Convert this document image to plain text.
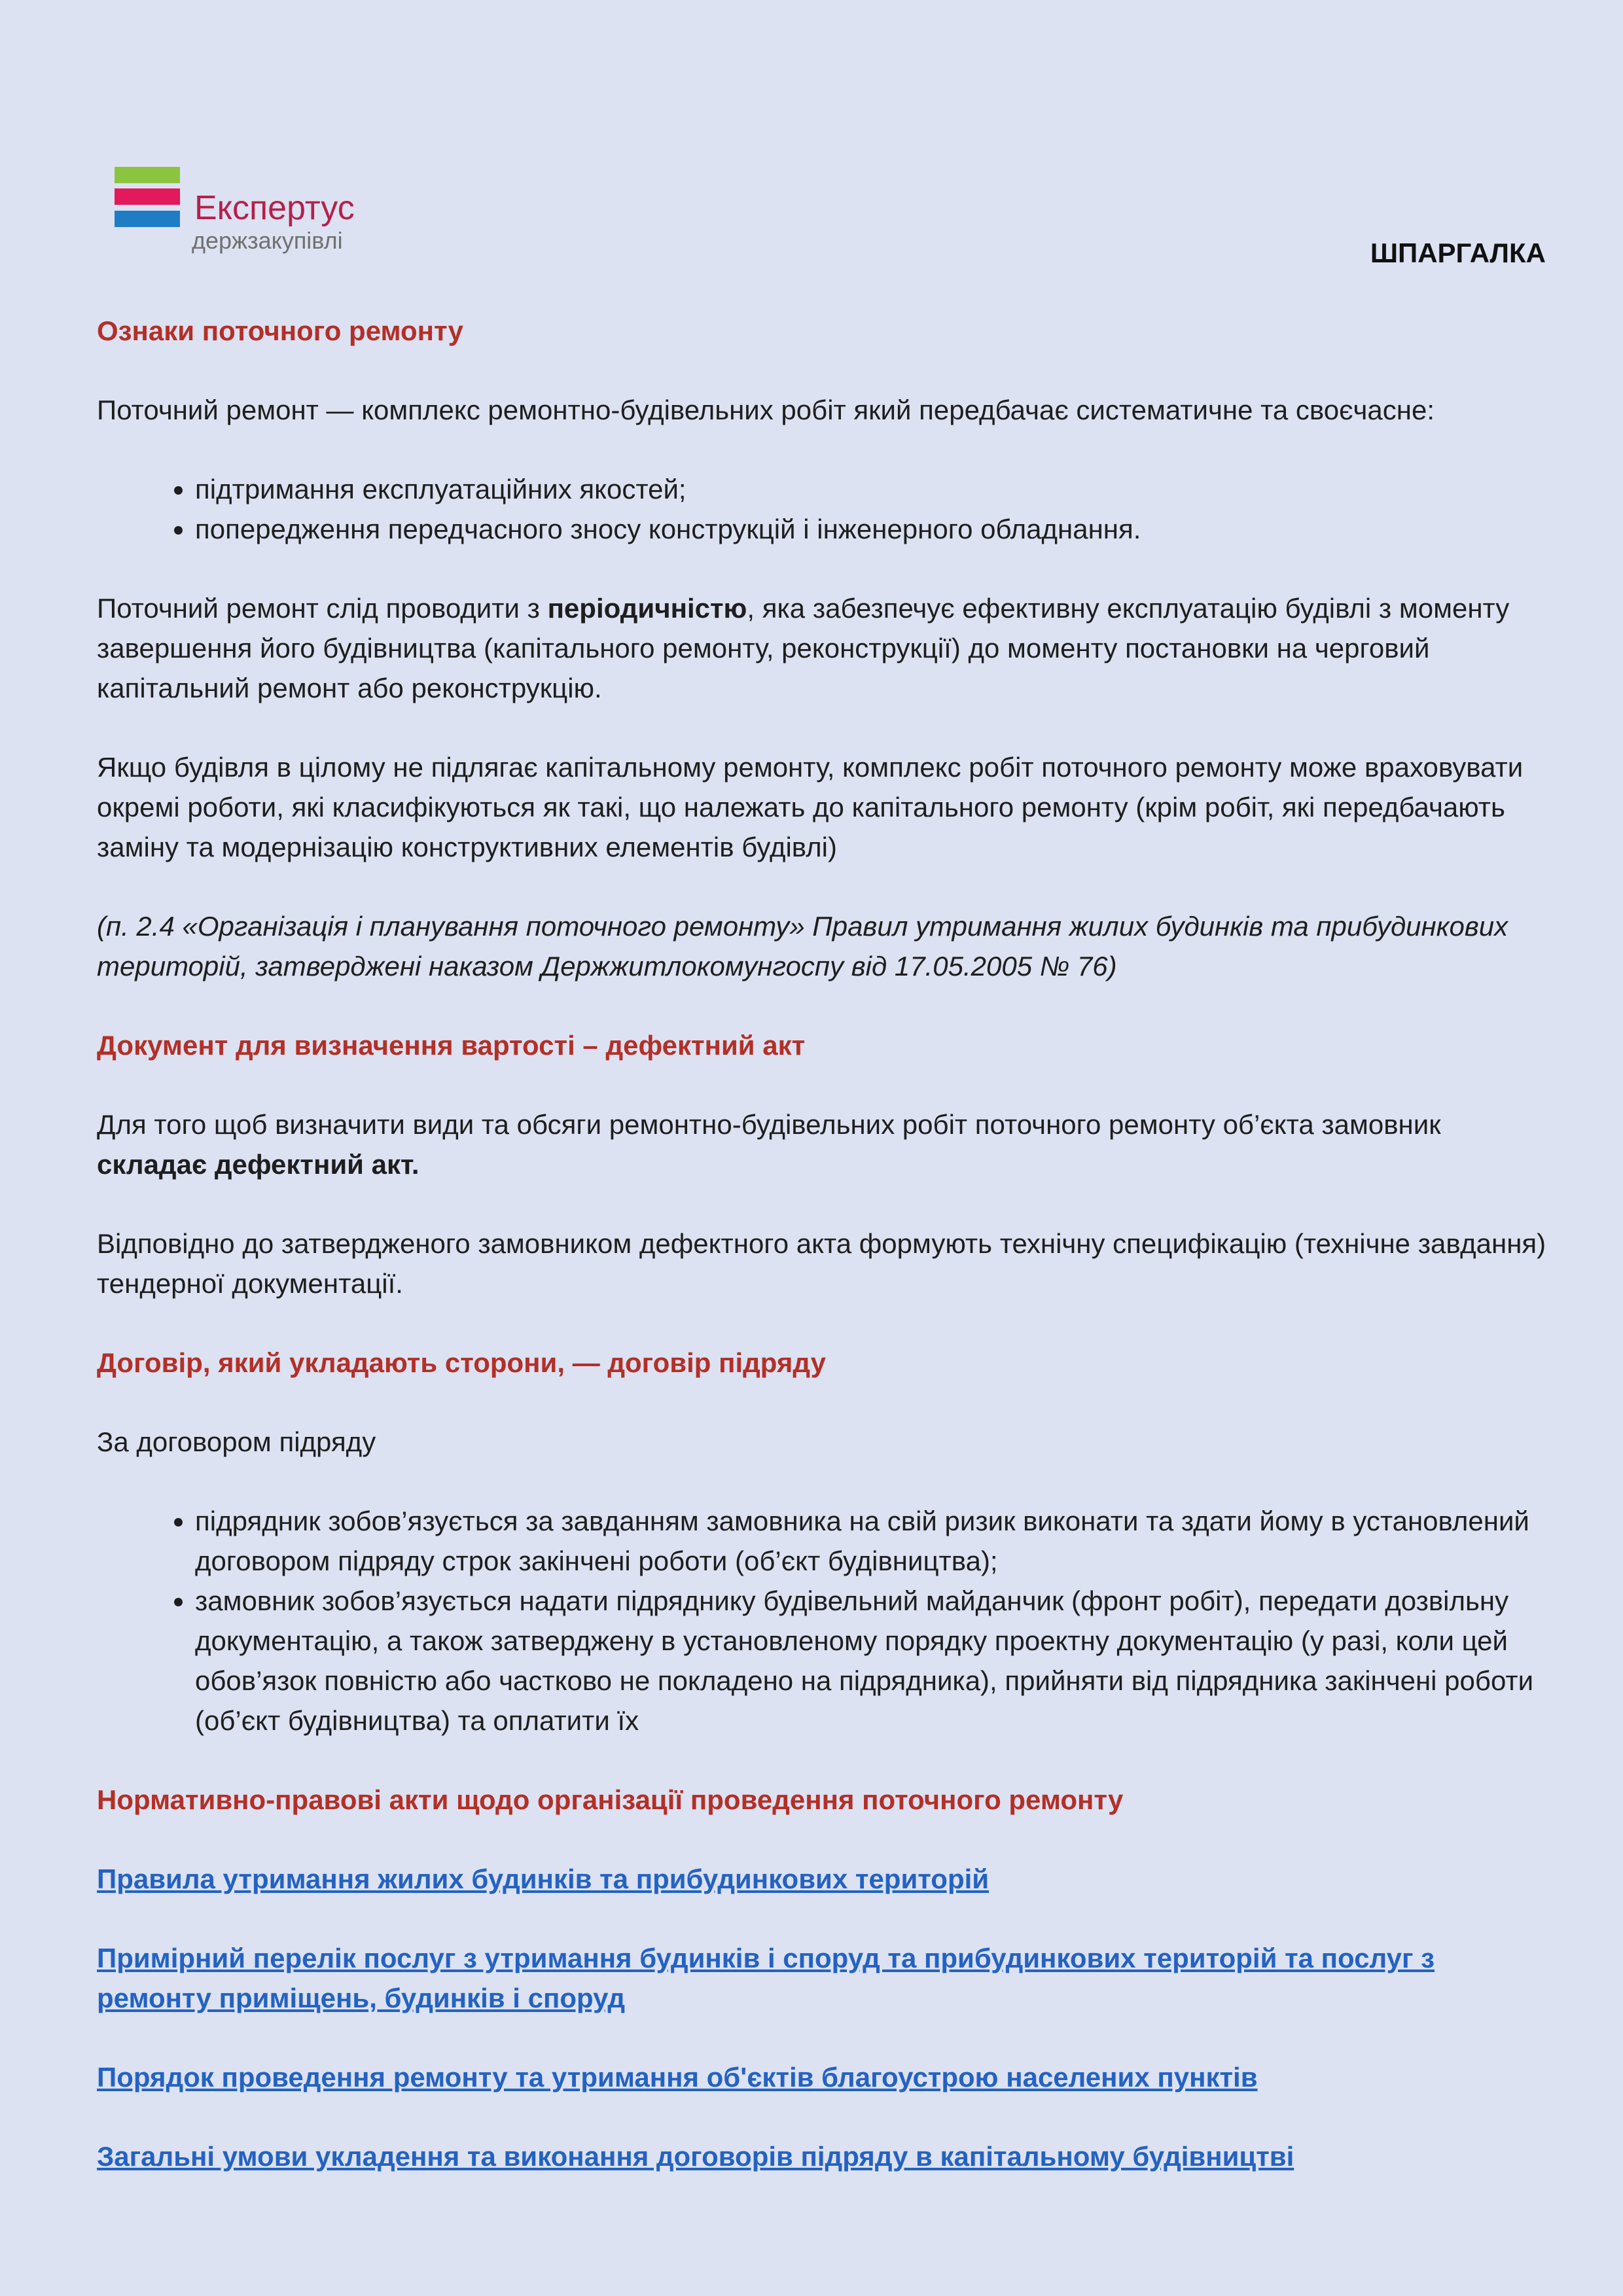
Експертус
держзакупівлі	ШПАРГАЛКА
Ознаки поточного ремонту

Поточний ремонт — комплекс ремонтно-будівельних робіт який передбачає систематичне та своєчасне:

• підтримання експлуатаційних якостей;
• попередження передчасного зносу конструкцій і інженерного обладнання.

Поточний ремонт слід проводити з періодичністю, яка забезпечує ефективну експлуатацію будівлі з моменту завершення його будівництва (капітального ремонту, реконструкції) до моменту постановки на черговий капітальний ремонт або реконструкцію.

Якщо будівля в цілому не підлягає капітальному ремонту, комплекс робіт поточного ремонту може враховувати окремі роботи, які класифікуються як такі, що належать до капітального ремонту (крім робіт, які передбачають заміну та модернізацію конструктивних елементів будівлі)

(п. 2.4 «Організація і планування поточного ремонту» Правил утримання жилих будинків та прибудинкових територій, затверджені наказом Держжитлокомунгоспу від 17.05.2005 № 76)

Документ для визначення вартості – дефектний акт

Для того щоб визначити види та обсяги ремонтно-будівельних робіт поточного ремонту об’єкта замовник складає дефектний акт.

Відповідно до затвердженого замовником дефектного акта формують технічну специфікацію (технічне завдання) тендерної документації.

Договір, який укладають сторони, — договір підряду

За договором підряду

• підрядник зобов’язується за завданням замовника на свій ризик виконати та здати йому в установлений договором підряду строк закінчені роботи (об’єкт будівництва);
• замовник зобов’язується надати підряднику будівельний майданчик (фронт робіт), передати дозвільну документацію, а також затверджену в установленому порядку проектну документацію (у разі, коли цей обов’язок повністю або частково не покладено на підрядника), прийняти від підрядника закінчені роботи (об’єкт будівництва) та оплатити їх
Нормативно-правові акти щодо організації проведення поточного ремонту
Правила утримання жилих будинків та прибудинкових територій
Примірний перелік послуг з утримання будинків і споруд та прибудинкових територій та послуг з ремонту приміщень, будинків і споруд
Порядок проведення ремонту та утримання об'єктів благоустрою населених пунктів
Загальні умови укладення та виконання договорів підряду в капітальному будівництві
